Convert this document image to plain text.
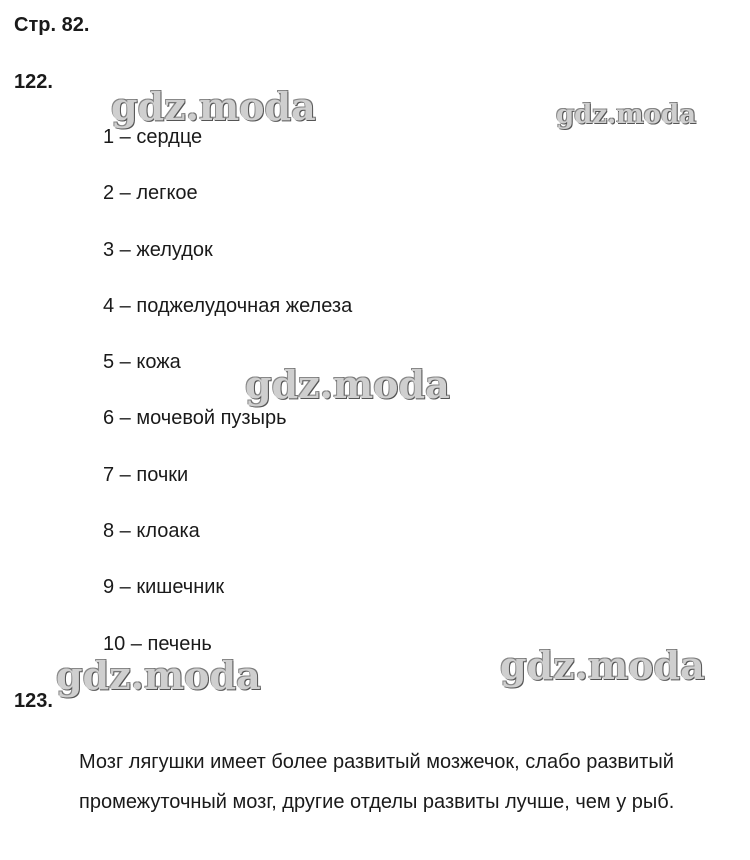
Стр. 82.
122.
1 – сердце
2 – легкое
3 – желудок
4 – поджелудочная железа
5 – кожа
6 – мочевой пузырь
7 – почки
8 – клоака
9 – кишечник
10 – печень
123.

Мозг лягушки имеет более развитый мозжечок, слабо развитый
промежуточный мозг, другие отделы развиты лучше, чем у рыб.

gdz.moda	gdz.moda
gdz.moda
gdz.moda	gdz.moda
